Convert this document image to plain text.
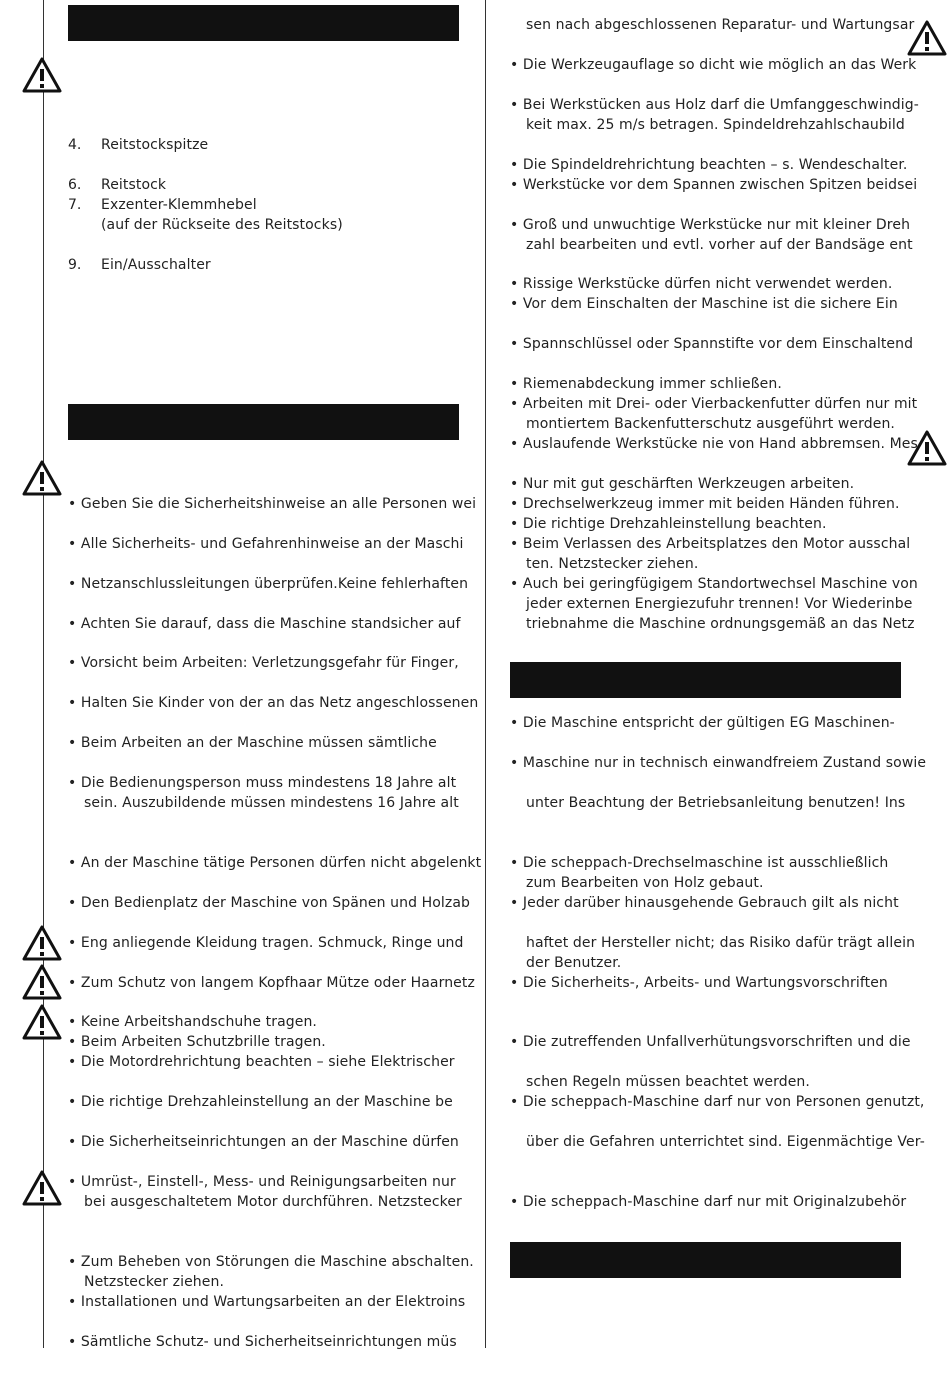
4. Reitstockspitze
6. Reitstock
7. Exzenter-Klemmhebel
(auf der Rückseite des Reitstocks)
9. Ein/Ausschalter
• Geben Sie die Sicherheitshinweise an alle Personen wei
• Alle Sicherheits- und Gefahrenhinweise an der Maschi
• Netzanschlussleitungen überprüfen.Keine fehlerhaften
• Achten Sie darauf, dass die Maschine standsicher auf
• Vorsicht beim Arbeiten: Verletzungsgefahr für Finger,
• Halten Sie Kinder von der an das Netz angeschlossenen
• Beim Arbeiten an der Maschine müssen sämtliche
• Die Bedienungsperson muss mindestens 18 Jahre alt
sein. Auszubildende müssen mindestens 16 Jahre alt
• An der Maschine tätige Personen dürfen nicht abgelenkt
• Den Bedienplatz der Maschine von Spänen und Holzab
• Eng anliegende Kleidung tragen. Schmuck, Ringe und
• Zum Schutz von langem Kopfhaar Mütze oder Haarnetz
• Keine Arbeitshandschuhe tragen.
• Beim Arbeiten Schutzbrille tragen.
• Die Motordrehrichtung beachten – siehe Elektrischer
• Die richtige Drehzahleinstellung an der Maschine be
• Die Sicherheitseinrichtungen an der Maschine dürfen
• Umrüst-, Einstell-, Mess- und Reinigungsarbeiten nur
bei ausgeschaltetem Motor durchführen. Netzstecker
• Zum Beheben von Störungen die Maschine abschalten.
Netzstecker ziehen.
• Installationen und Wartungsarbeiten an der Elektroins
• Sämtliche Schutz- und Sicherheitseinrichtungen müs
sen nach abgeschlossenen Reparatur- und Wartungsar
• Die Werkzeugauflage so dicht wie möglich an das Werk
• Bei Werkstücken aus Holz darf die Umfanggeschwindig-
keit max. 25 m/s betragen. Spindeldrehzahlschaubild
• Die Spindeldrehrichtung beachten – s. Wendeschalter.
• Werkstücke vor dem Spannen zwischen Spitzen beidsei
• Groß und unwuchtige Werkstücke nur mit kleiner Dreh
zahl bearbeiten und evtl. vorher auf der Bandsäge ent
• Rissige Werkstücke dürfen nicht verwendet werden.
• Vor dem Einschalten der Maschine ist die sichere Ein
• Spannschlüssel oder Spannstifte vor dem Einschaltend
• Riemenabdeckung immer schließen.
• Arbeiten mit Drei- oder Vierbackenfutter dürfen nur mit
montiertem Backenfutterschutz ausgeführt werden.
• Auslaufende Werkstücke nie von Hand abbremsen. Mes
• Nur mit gut geschärften Werkzeugen arbeiten.
• Drechselwerkzeug immer mit beiden Händen führen.
• Die richtige Drehzahleinstellung beachten.
• Beim Verlassen des Arbeitsplatzes den Motor ausschal
ten. Netzstecker ziehen.
• Auch bei geringfügigem Standortwechsel Maschine von
jeder externen Energiezufuhr trennen! Vor Wiederinbe
triebnahme die Maschine ordnungsgemäß an das Netz
• Die Maschine entspricht der gültigen EG Maschinen-
• Maschine nur in technisch einwandfreiem Zustand sowie
unter Beachtung der Betriebsanleitung benutzen! Ins
• Die scheppach-Drechselmaschine ist ausschließlich
zum Bearbeiten von Holz gebaut.
• Jeder darüber hinausgehende Gebrauch gilt als nicht
haftet der Hersteller nicht; das Risiko dafür trägt allein
der Benutzer.
• Die Sicherheits-, Arbeits- und Wartungsvorschriften
• Die zutreffenden Unfallverhütungsvorschriften und die
schen Regeln müssen beachtet werden.
• Die scheppach-Maschine darf nur von Personen genutzt,
über die Gefahren unterrichtet sind. Eigenmächtige Ver-
• Die scheppach-Maschine darf nur mit Originalzubehör
